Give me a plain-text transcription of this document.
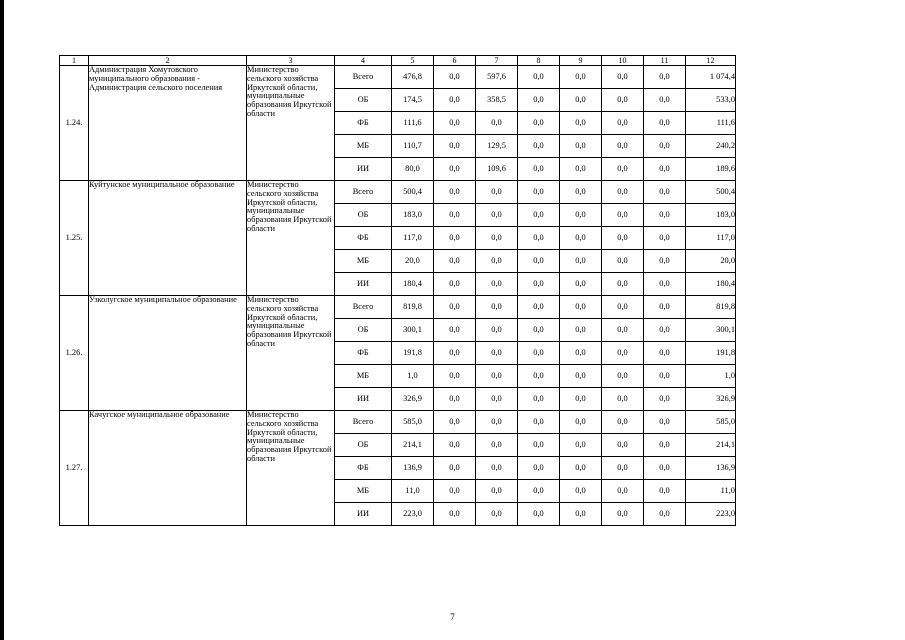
1	2	3	4	5	6	7	8	9	10	11	12
1.24.	Администрация Хомутовского муниципального образования - Администрация сельского поселения	Министерство сельского хозяйства Иркутской области, муниципальные образования Иркутской области	Всего	476,8	0,0	597,6	0,0	0,0	0,0	0,0	1 074,4
			ОБ	174,5	0,0	358,5	0,0	0,0	0,0	0,0	533,0
			ФБ	111,6	0,0	0,0	0,0	0,0	0,0	0,0	111,6
			МБ	110,7	0,0	129,5	0,0	0,0	0,0	0,0	240,2
			ИИ	80,0	0,0	109,6	0,0	0,0	0,0	0,0	189,6
1.25.	Куйтунское муниципальное образование	Министерство сельского хозяйства Иркутской области, муниципальные образования Иркутской области	Всего	500,4	0,0	0,0	0,0	0,0	0,0	0,0	500,4
			ОБ	183,0	0,0	0,0	0,0	0,0	0,0	0,0	183,0
			ФБ	117,0	0,0	0,0	0,0	0,0	0,0	0,0	117,0
			МБ	20,0	0,0	0,0	0,0	0,0	0,0	0,0	20,0
			ИИ	180,4	0,0	0,0	0,0	0,0	0,0	0,0	180,4
1.26.	Узколугское муниципальное образование	Министерство сельского хозяйства Иркутской области, муниципальные образования Иркутской области	Всего	819,8	0,0	0,0	0,0	0,0	0,0	0,0	819,8
			ОБ	300,1	0,0	0,0	0,0	0,0	0,0	0,0	300,1
			ФБ	191,8	0,0	0,0	0,0	0,0	0,0	0,0	191,8
			МБ	1,0	0,0	0,0	0,0	0,0	0,0	0,0	1,0
			ИИ	326,9	0,0	0,0	0,0	0,0	0,0	0,0	326,9
1.27.	Качугское муниципальное образование	Министерство сельского хозяйства Иркутской области, муниципальные образования Иркутской области	Всего	585,0	0,0	0,0	0,0	0,0	0,0	0,0	585,0
			ОБ	214,1	0,0	0,0	0,0	0,0	0,0	0,0	214,1
			ФБ	136,9	0,0	0,0	0,0	0,0	0,0	0,0	136,9
			МБ	11,0	0,0	0,0	0,0	0,0	0,0	0,0	11,0
			ИИ	223,0	0,0	0,0	0,0	0,0	0,0	0,0	223,0
7
